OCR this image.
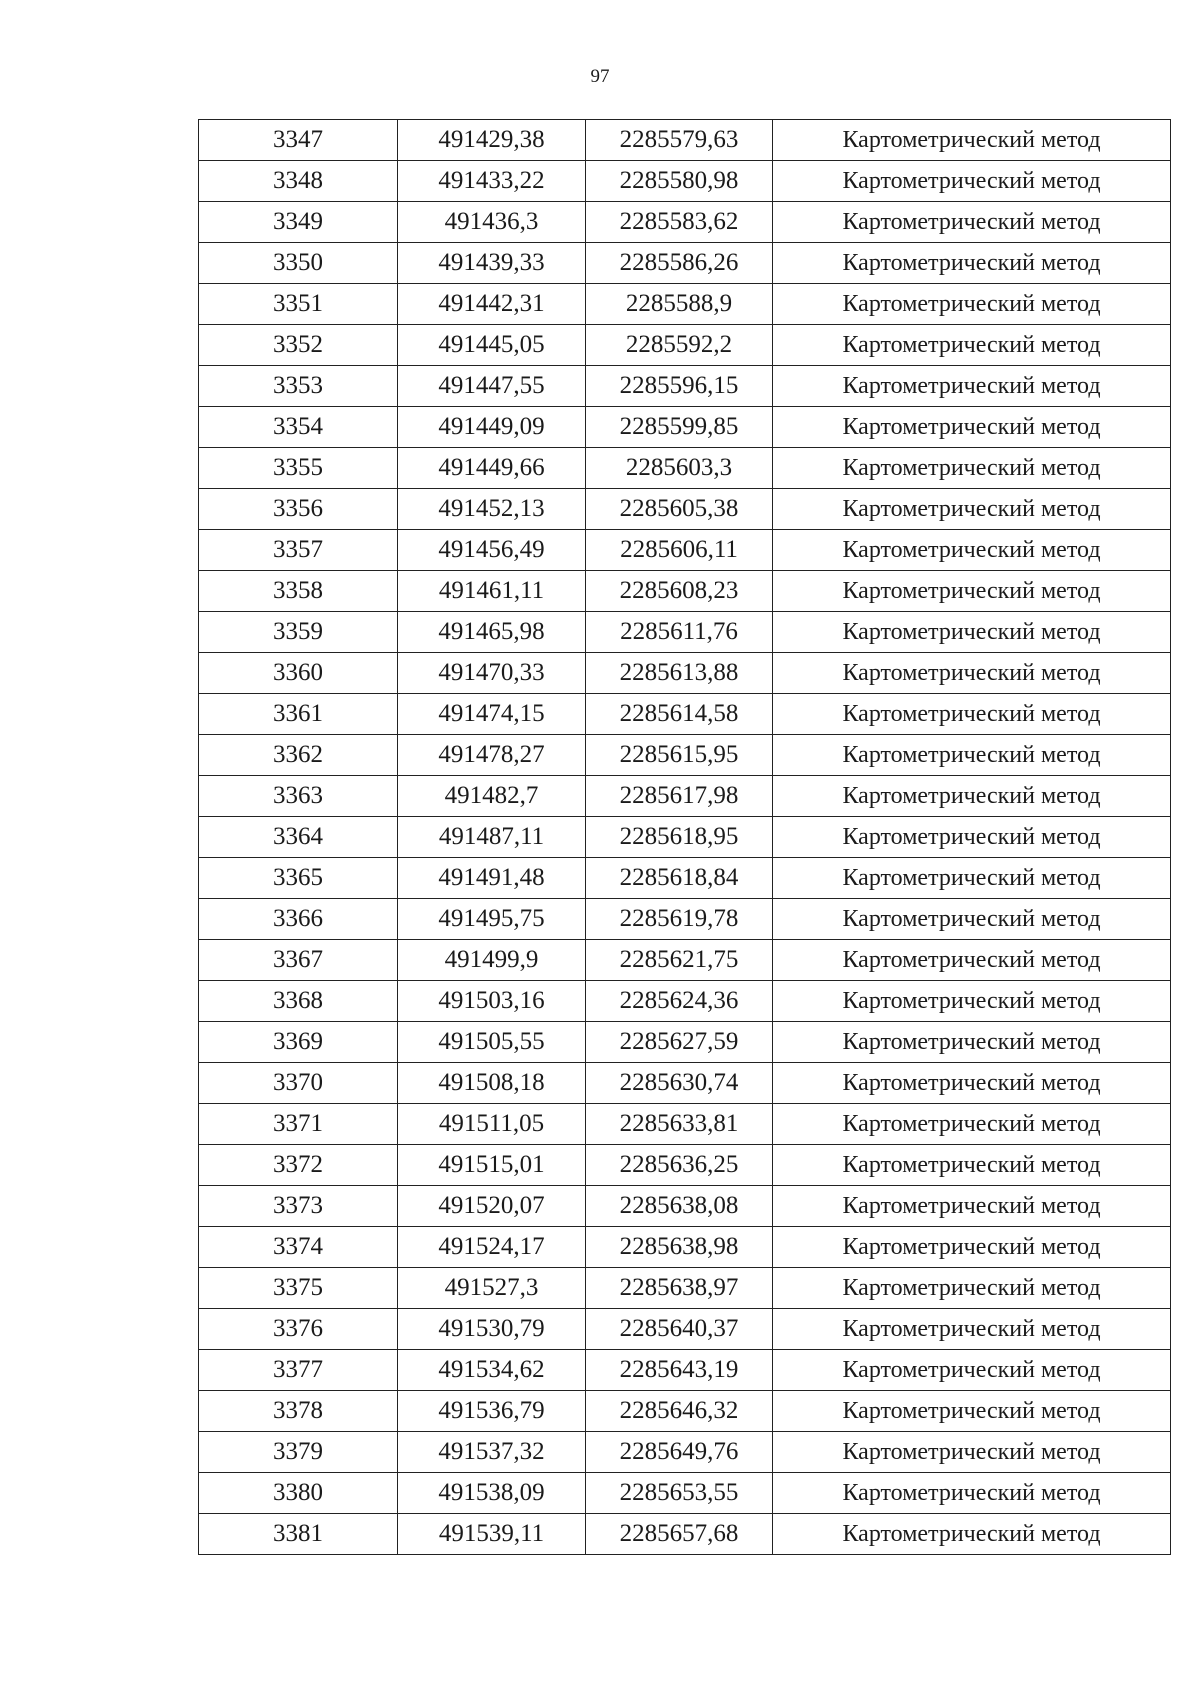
97
3347	491429,38	2285579,63	Картометрический метод
3348	491433,22	2285580,98	Картометрический метод
3349	491436,3	2285583,62	Картометрический метод
3350	491439,33	2285586,26	Картометрический метод
3351	491442,31	2285588,9	Картометрический метод
3352	491445,05	2285592,2	Картометрический метод
3353	491447,55	2285596,15	Картометрический метод
3354	491449,09	2285599,85	Картометрический метод
3355	491449,66	2285603,3	Картометрический метод
3356	491452,13	2285605,38	Картометрический метод
3357	491456,49	2285606,11	Картометрический метод
3358	491461,11	2285608,23	Картометрический метод
3359	491465,98	2285611,76	Картометрический метод
3360	491470,33	2285613,88	Картометрический метод
3361	491474,15	2285614,58	Картометрический метод
3362	491478,27	2285615,95	Картометрический метод
3363	491482,7	2285617,98	Картометрический метод
3364	491487,11	2285618,95	Картометрический метод
3365	491491,48	2285618,84	Картометрический метод
3366	491495,75	2285619,78	Картометрический метод
3367	491499,9	2285621,75	Картометрический метод
3368	491503,16	2285624,36	Картометрический метод
3369	491505,55	2285627,59	Картометрический метод
3370	491508,18	2285630,74	Картометрический метод
3371	491511,05	2285633,81	Картометрический метод
3372	491515,01	2285636,25	Картометрический метод
3373	491520,07	2285638,08	Картометрический метод
3374	491524,17	2285638,98	Картометрический метод
3375	491527,3	2285638,97	Картометрический метод
3376	491530,79	2285640,37	Картометрический метод
3377	491534,62	2285643,19	Картометрический метод
3378	491536,79	2285646,32	Картометрический метод
3379	491537,32	2285649,76	Картометрический метод
3380	491538,09	2285653,55	Картометрический метод
3381	491539,11	2285657,68	Картометрический метод
